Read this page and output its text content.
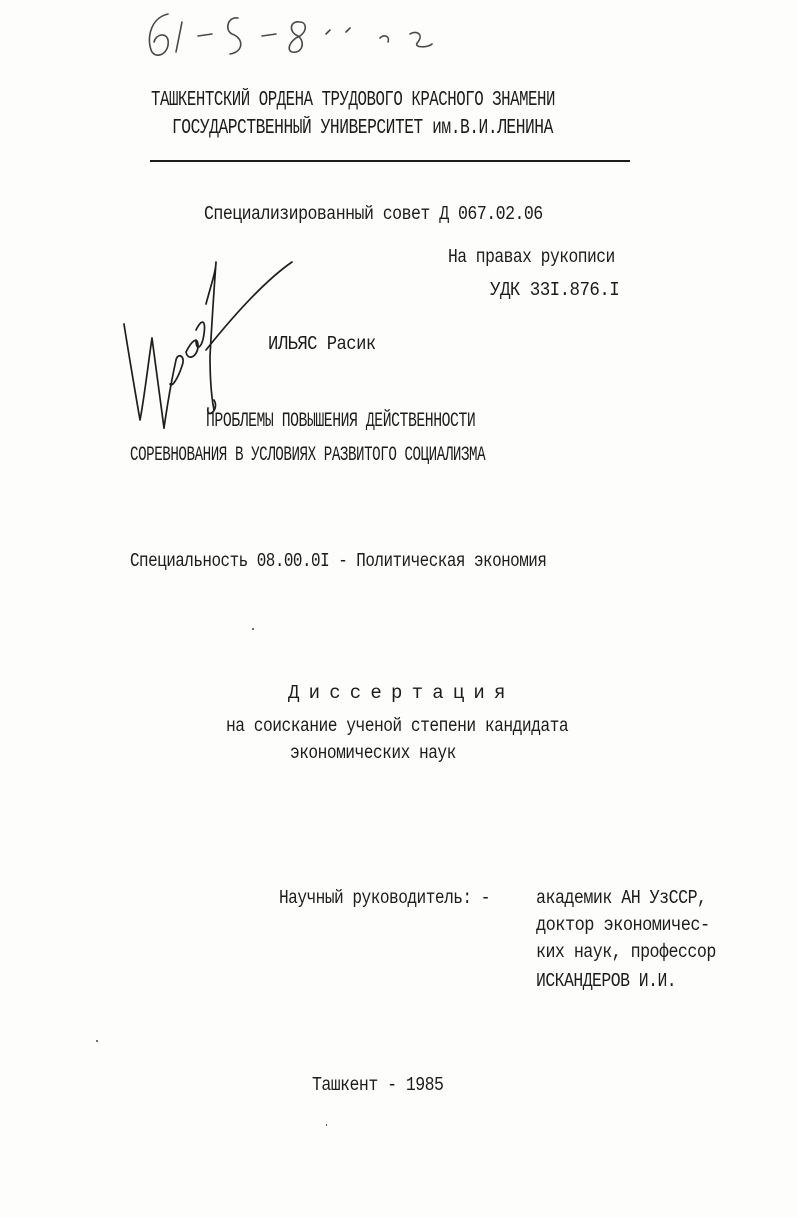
ТАШКЕНТСКИЙ ОРДЕНА ТРУДОВОГО КРАСНОГО ЗНАМЕНИ
ГОСУДАРСТВЕННЫЙ УНИВЕРСИТЕТ им.В.И.ЛЕНИНА
Специализированный совет Д 067.02.06
На правах рукописи
УДК 33I.876.I
ИЛЬЯС Расик
ПРОБЛЕМЫ ПОВЫШЕНИЯ ДЕЙСТВЕННОСТИ
СОРЕВНОВАНИЯ В УСЛОВИЯХ РАЗВИТОГО СОЦИАЛИЗМА
Специальность 08.00.0I - Политическая экономия
Диссертация
на соискание ученой степени кандидата
экономических наук
Научный руководитель: - академик АН УзССР,
доктор экономичес-
ких наук, профессор
ИСКАНДЕРОВ И.И.
Ташкент - 1985
